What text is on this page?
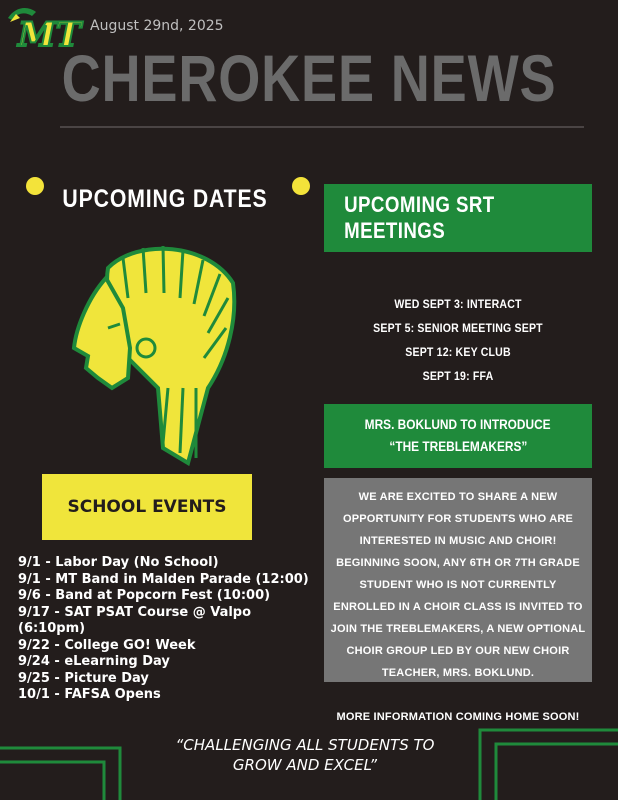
MT August 29nd, 2025
CHEROKEE NEWS
UPCOMING DATES
SCHOOL EVENTS
9/1 - Labor Day (No School)
9/1 - MT Band in Malden Parade (12:00)
9/6 - Band at Popcorn Fest (10:00)
9/17 - SAT PSAT Course @ Valpo (6:10pm)
9/22 - College GO! Week
9/24 - eLearning Day
9/25 - Picture Day
10/1 - FAFSA Opens
UPCOMING SRT MEETINGS
WED SEPT 3: INTERACT
SEPT 5: SENIOR MEETING SEPT
SEPT 12: KEY CLUB
SEPT 19: FFA
MRS. BOKLUND TO INTRODUCE
“THE TREBLEMAKERS”

WE ARE EXCITED TO SHARE A NEW OPPORTUNITY FOR STUDENTS WHO ARE INTERESTED IN MUSIC AND CHOIR! BEGINNING SOON, ANY 6TH OR 7TH GRADE STUDENT WHO IS NOT CURRENTLY ENROLLED IN A CHOIR CLASS IS INVITED TO JOIN THE TREBLEMAKERS, A NEW OPTIONAL CHOIR GROUP LED BY OUR NEW CHOIR TEACHER, MRS. BOKLUND.

MORE INFORMATION COMING HOME SOON!

“CHALLENGING ALL STUDENTS TO
GROW AND EXCEL”
